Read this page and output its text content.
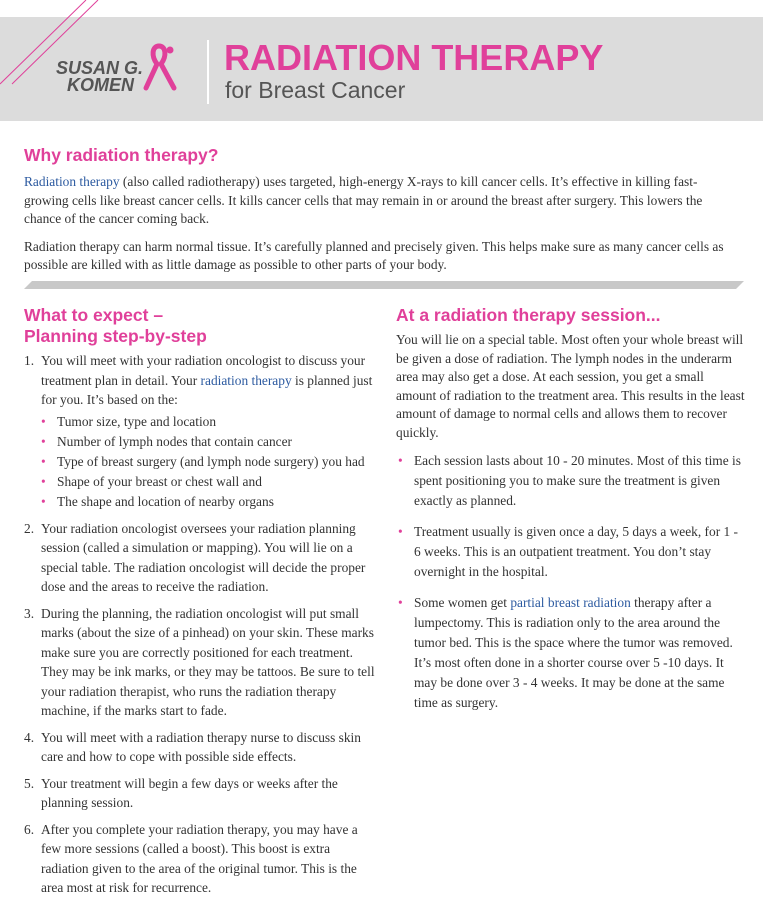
SUSAN G.
KOMEN
RADIATION THERAPY
for Breast Cancer
Why radiation therapy?

Radiation therapy (also called radiotherapy) uses targeted, high-energy X-rays to kill cancer cells. It’s effective in killing fast-growing cells like breast cancer cells. It kills cancer cells that may remain in or around the breast after surgery. This lowers the chance of the cancer coming back.

Radiation therapy can harm normal tissue. It’s carefully planned and precisely given. This helps make sure as many cancer cells as possible are killed with as little damage as possible to other parts of your body.

What to expect –
Planning step-by-step
1. You will meet with your radiation oncologist to discuss your treatment plan in detail. Your radiation therapy is planned just for you. It’s based on the:
• Tumor size, type and location
• Number of lymph nodes that contain cancer
• Type of breast surgery (and lymph node surgery) you had
• Shape of your breast or chest wall and
• The shape and location of nearby organs
2. Your radiation oncologist oversees your radiation planning session (called a simulation or mapping). You will lie on a special table. The radiation oncologist will decide the proper dose and the areas to receive the radiation.
3. During the planning, the radiation oncologist will put small marks (about the size of a pinhead) on your skin. These marks make sure you are correctly positioned for each treatment. They may be ink marks, or they may be tattoos. Be sure to tell your radiation therapist, who runs the radiation therapy machine, if the marks start to fade.
4. You will meet with a radiation therapy nurse to discuss skin care and how to cope with possible side effects.
5. Your treatment will begin a few days or weeks after the planning session.
6. After you complete your radiation therapy, you may have a few more sessions (called a boost). This boost is extra radiation given to the area of the original tumor. This is the area most at risk for recurrence.
At a radiation therapy session...

You will lie on a special table. Most often your whole breast will be given a dose of radiation. The lymph nodes in the underarm area may also get a dose. At each session, you get a small amount of radiation to the treatment area. This results in the least amount of damage to normal cells and allows them to recover quickly.

• Each session lasts about 10 - 20 minutes. Most of this time is spent positioning you to make sure the treatment is given exactly as planned.
• Treatment usually is given once a day, 5 days a week, for 1 - 6 weeks. This is an outpatient treatment. You don’t stay overnight in the hospital.
• Some women get partial breast radiation therapy after a lumpectomy. This is radiation only to the area around the tumor bed. This is the space where the tumor was removed. It’s most often done in a shorter course over 5 -10 days. It may be done over 3 - 4 weeks. It may be done at the same time as surgery.
